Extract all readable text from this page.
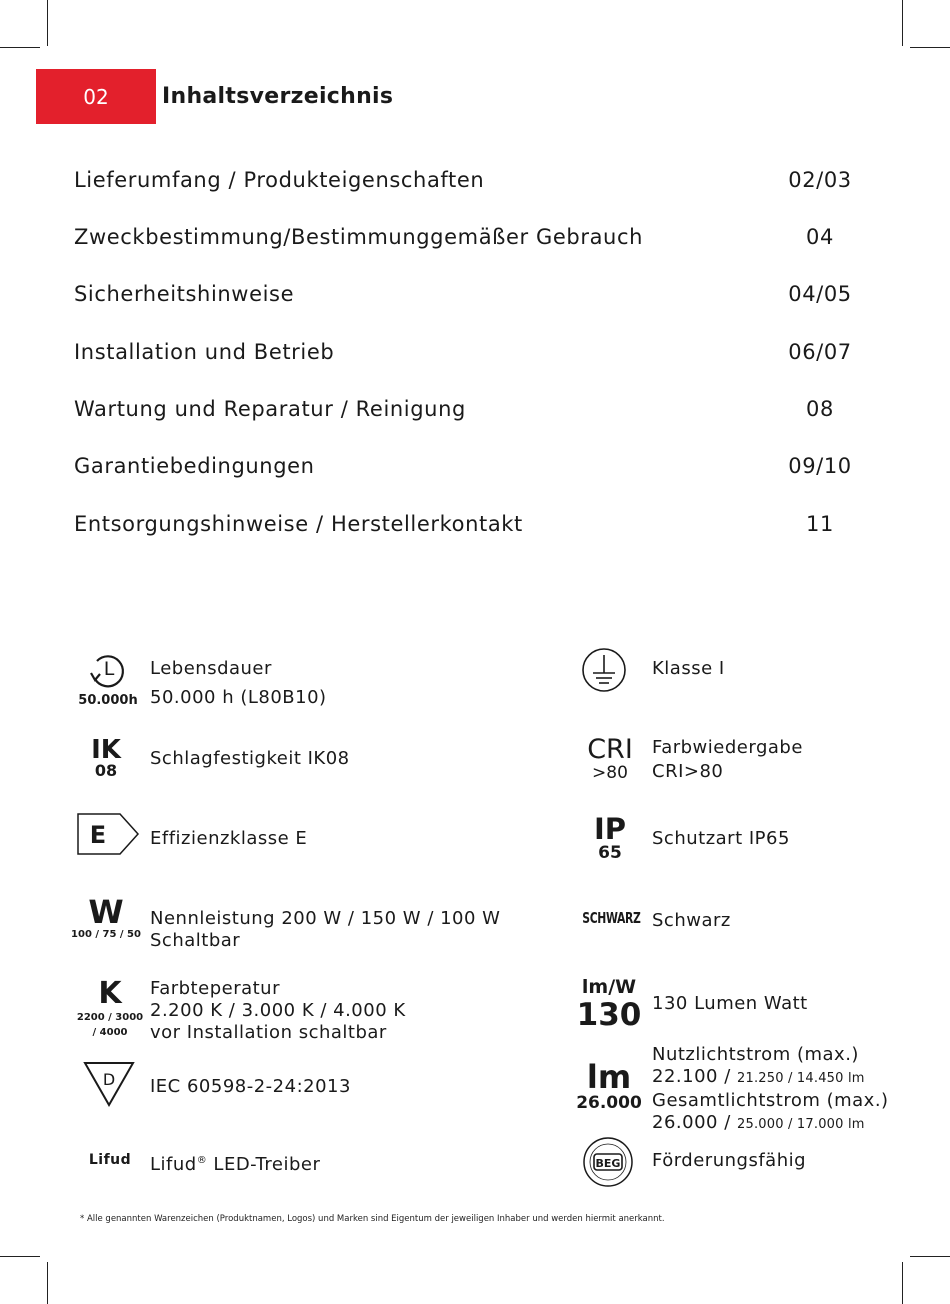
02 Inhaltsverzeichnis
Lieferumfang / Produkteigenschaften	02/03
Zweckbestimmung/Bestimmunggemäßer Gebrauch	04
Sicherheitshinweise	04/05
Installation und Betrieb	06/07
Wartung und Reparatur / Reinigung	08
Garantiebedingungen	09/10
Entsorgungshinweise / Herstellerkontakt	11
L
50.000h
Lebensdauer
50.000 h (L80B10)
IK
08
Schlagfestigkeit IK08
E Effizienzklasse E
W
100 / 75 / 50
Nennleistung 200 W / 150 W / 100 W
Schaltbar
K
2200 / 3000
/ 4000
Farbteperatur
2.200 K / 3.000 K / 4.000 K
vor Installation schaltbar
D IEC 60598-2-24:2013
Lifud Lifud® LED-Treiber
Klasse I
CRI
>80
Farbwiedergabe
CRI>80
IP
65
Schutzart IP65
SCHWARZ Schwarz
lm/W
130 130 Lumen Watt
lm
26.000
Nutzlichtstrom (max.)
22.100 / 21.250 / 14.450 lm
Gesamtlichtstrom (max.)
26.000 / 25.000 / 17.000 lm
BEG Förderungsfähig
* Alle genannten Warenzeichen (Produktnamen, Logos) und Marken sind Eigentum der jeweiligen Inhaber und werden hiermit anerkannt.
